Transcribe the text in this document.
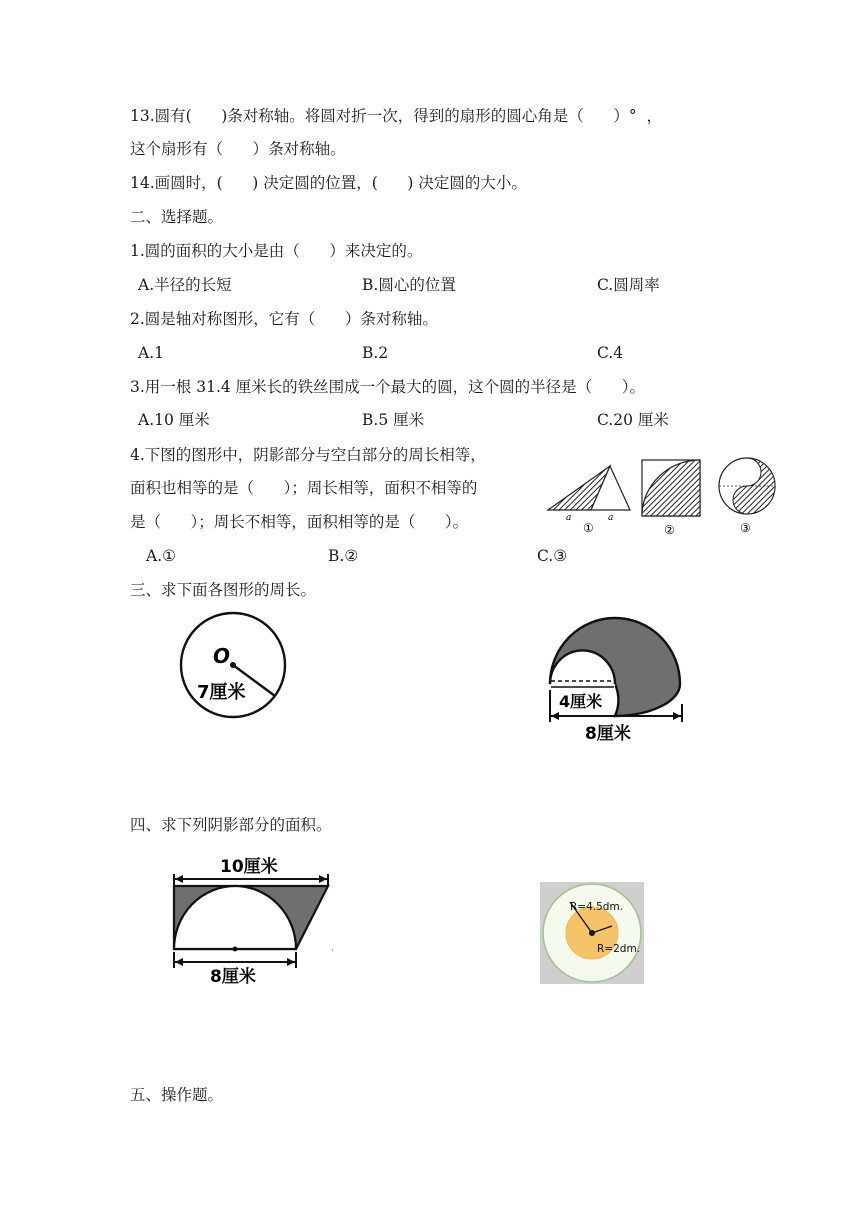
13.圆有(      )条对称轴。将圆对折一次，得到的扇形的圆心角是（      ）°  ，
这个扇形有（      ）条对称轴。
14.画圆时，(      ) 决定圆的位置，(      ) 决定圆的大小。
二、选择题。
1.圆的面积的大小是由（      ）来决定的。
A.半径的长短	B.圆心的位置	C.圆周率
2.圆是轴对称图形，它有（      ）条对称轴。
A.1	B.2	C.4
3.用一根 31.4 厘米长的铁丝围成一个最大的圆，这个圆的半径是（      ）。
A.10 厘米	B.5 厘米	C.20 厘米
4.下图的图形中，阴影部分与空白部分的周长相等，
面积也相等的是（      ）；周长相等，面积不相等的
是（      ）；周长不相等，面积相等的是（      ）。
A.①	B.②	C.③
三、求下面各图形的周长。
四、求下列阴影部分的面积。
五、操作题。
a	a
①	②	③
O
7厘米	4厘米
8厘米
10厘米
8厘米
R=4.5dm.
R=2dm.
